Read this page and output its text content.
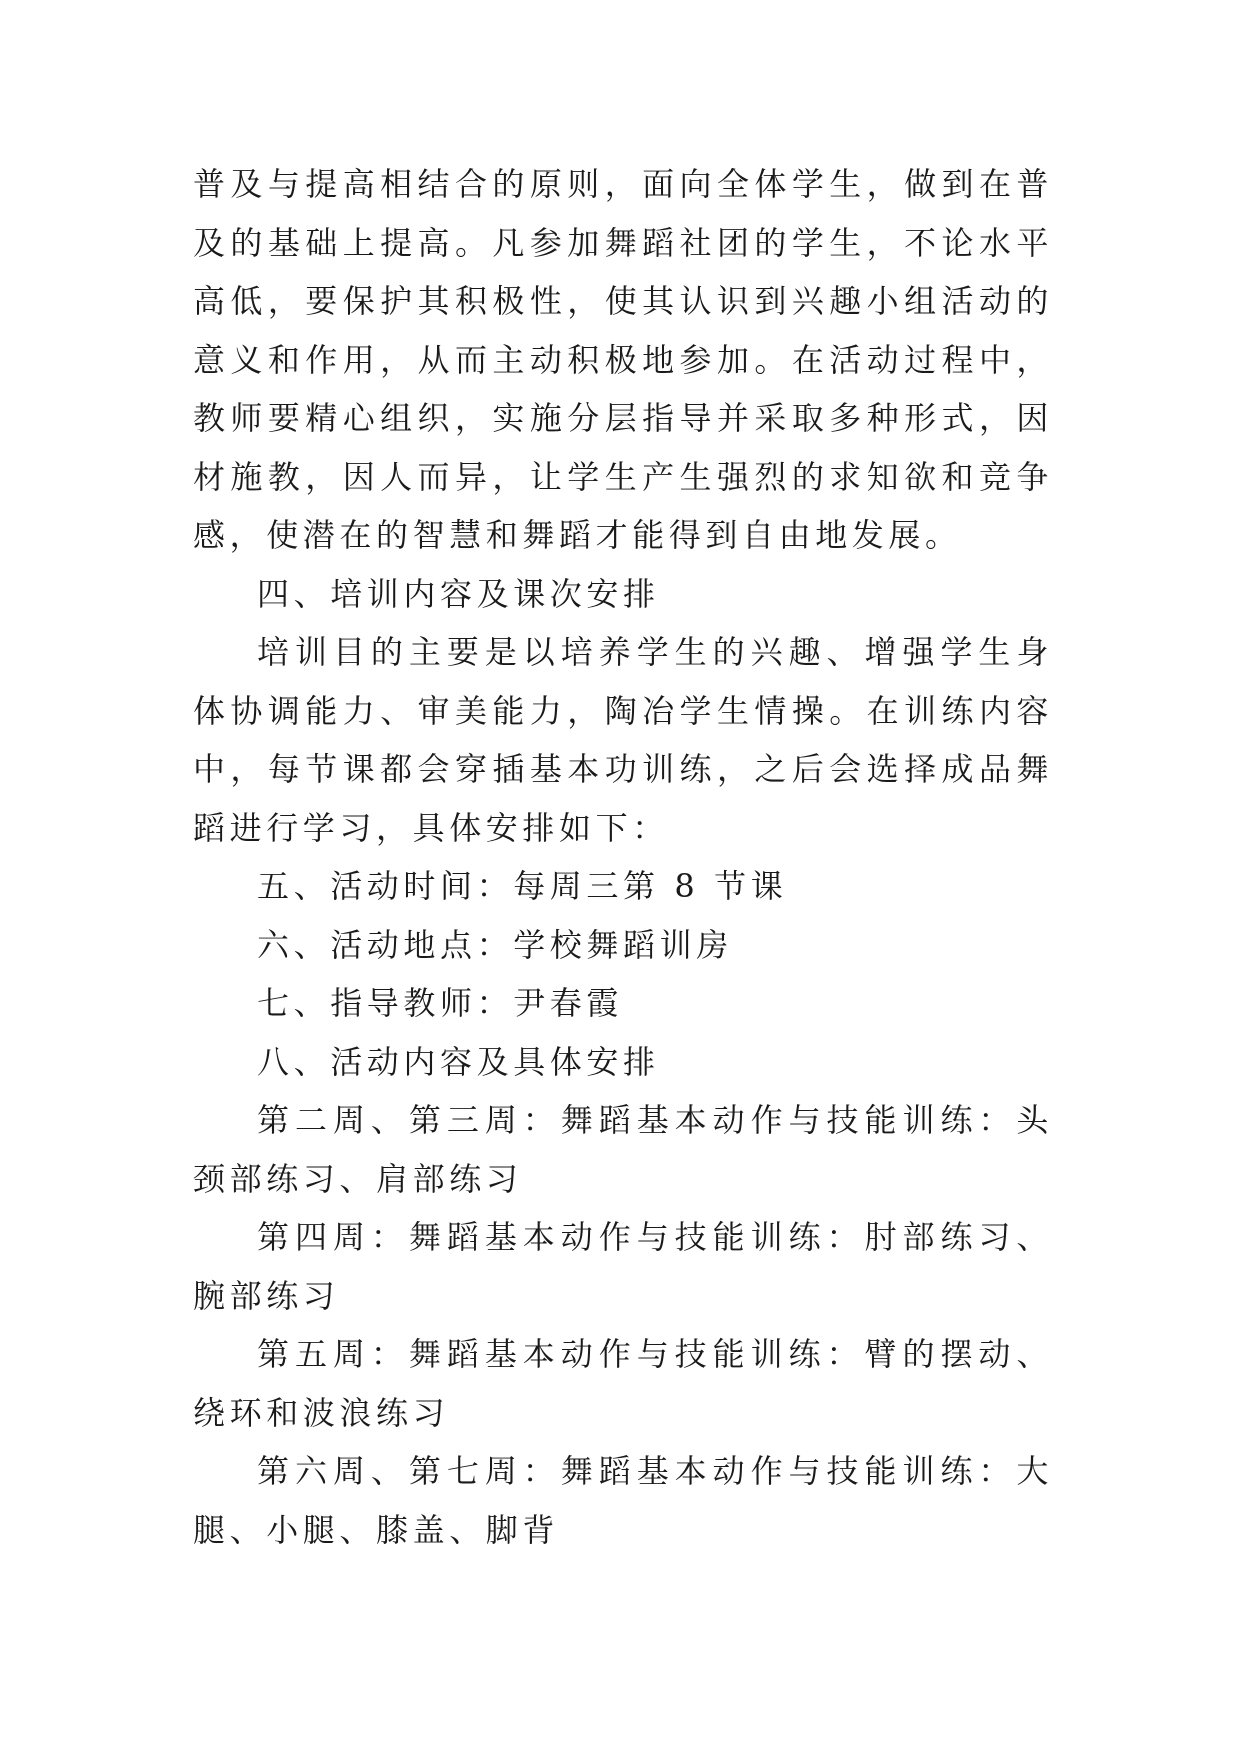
普及与提高相结合的原则，面向全体学生，做到在普及的基础上提高。凡参加舞蹈社团的学生，不论水平高低，要保护其积极性，使其认识到兴趣小组活动的意义和作用，从而主动积极地参加。在活动过程中，教师要精心组织，实施分层指导并采取多种形式，因材施教，因人而异，让学生产生强烈的求知欲和竞争感，使潜在的智慧和舞蹈才能得到自由地发展。

四、培训内容及课次安排

培训目的主要是以培养学生的兴趣、增强学生身体协调能力、审美能力，陶冶学生情操。在训练内容中，每节课都会穿插基本功训练，之后会选择成品舞蹈进行学习，具体安排如下：

五、活动时间：每周三第 8 节课

六、活动地点：学校舞蹈训房

七、指导教师：尹春霞

八、活动内容及具体安排

第二周、第三周：舞蹈基本动作与技能训练：头颈部练习、肩部练习

第四周：舞蹈基本动作与技能训练：肘部练习、腕部练习

第五周：舞蹈基本动作与技能训练：臂的摆动、绕环和波浪练习

第六周、第七周：舞蹈基本动作与技能训练：大腿、小腿、膝盖、脚背
